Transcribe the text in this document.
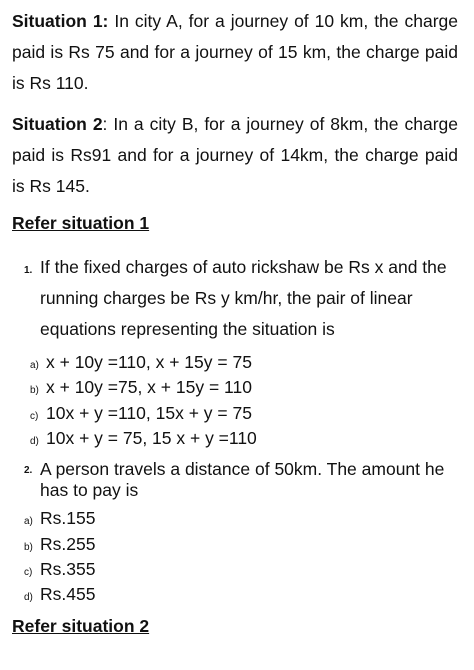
Situation 1: In city A, for a journey of 10 km, the charge paid is Rs 75 and for a journey of 15 km, the charge paid is Rs 110.

Situation 2: In a city B, for a journey of 8km, the charge paid is Rs91 and for a journey of 14km, the charge paid is Rs 145.

Refer situation 1

1. If the fixed charges of auto rickshaw be Rs x and the running charges be Rs y km/hr, the pair of linear equations representing the situation is

a) x + 10y =110, x + 15y = 75
b) x + 10y =75, x + 15y = 110
c) 10x + y =110, 15x + y = 75
d) 10x + y = 75, 15 x + y =110
2. A person travels a distance of 50km. The amount he has to pay is

a) Rs.155
b) Rs.255
c) Rs.355
d) Rs.455

Refer situation 2
